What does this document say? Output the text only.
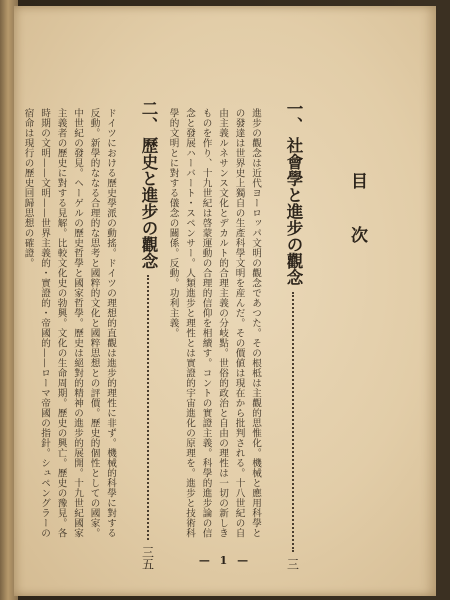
目　次
一、
社會學と進步の觀念
三
進步の觀念は近代ヨーロッパ文明の觀念であつた。その根柢は主觀的思惟化。機械と應用科學との發達は世界史上獨自の生產科學文明を産んだ。その價値は現在から批判される。十八世紀の自由主義ルネサンス文化とデカルト的合理主義の分岐點。世俗的政治と自由の理性は一切の新しきものを作り、十九世紀は啓蒙運動の合理的信仰を相續す。コントの實證主義。科學的進步論の信念と發展ハーバート・スペンサー。人類進步と理性とは實證的宇宙進化の原理を。進步と技術科學的文明とに對する儀念の關係。反動。功利主義。
二、
歷史と進步の觀念
三五
ドイツにおける歷史學派の動搖。ドイツの理想的直觀は進步的理性に非ず。機械的科學に對する反動。新學的ななる合理的な思考と國粹的文化と國粹思想との評價。歷史的個性としての國家。中世紀の發見。ヘーゲルの歷史哲學と國家哲學。歷史は絕對的精神の進步的展開。十九世紀國家主義者の歷史に對する見解。比較文化史の勃興。文化の生命周期。歷史の興亡。歷史の豫見。各時期の文明——文明——世界主義的・實證的・帝國的——ローマ帝國の指針。シュペングラーの宿命は現行の歷史回歸思想の確證。
— 1 —
